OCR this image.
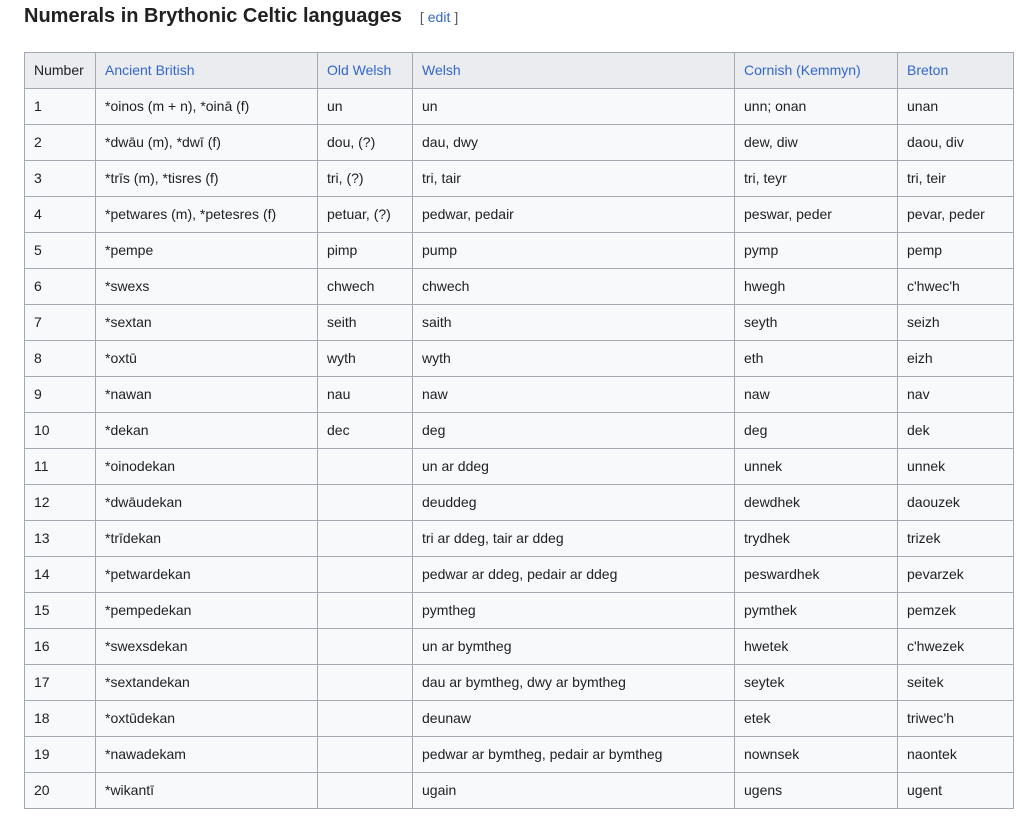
Numerals in Brythonic Celtic languages [ edit ]
Number	Ancient British	Old Welsh	Welsh	Cornish (Kemmyn)	Breton
1	*oinos (m + n), *oinā (f)	un	un	unn; onan	unan
2	*dwāu (m), *dwī (f)	dou, (?)	dau, dwy	dew, diw	daou, div
3	*trīs (m), *tisres (f)	tri, (?)	tri, tair	tri, teyr	tri, teir
4	*petwares (m), *petesres (f)	petuar, (?)	pedwar, pedair	peswar, peder	pevar, peder
5	*pempe	pimp	pump	pymp	pemp
6	*swexs	chwech	chwech	hwegh	c'hwec'h
7	*sextan	seith	saith	seyth	seizh
8	*oxtū	wyth	wyth	eth	eizh
9	*nawan	nau	naw	naw	nav
10	*dekan	dec	deg	deg	dek
11	*oinodekan		un ar ddeg	unnek	unnek
12	*dwāudekan		deuddeg	dewdhek	daouzek
13	*trīdekan		tri ar ddeg, tair ar ddeg	trydhek	trizek
14	*petwardekan		pedwar ar ddeg, pedair ar ddeg	peswardhek	pevarzek
15	*pempedekan		pymtheg	pymthek	pemzek
16	*swexsdekan		un ar bymtheg	hwetek	c'hwezek
17	*sextandekan		dau ar bymtheg, dwy ar bymtheg	seytek	seitek
18	*oxtūdekan		deunaw	etek	triwec'h
19	*nawadekam		pedwar ar bymtheg, pedair ar bymtheg	nownsek	naontek
20	*wikantī		ugain	ugens	ugent
